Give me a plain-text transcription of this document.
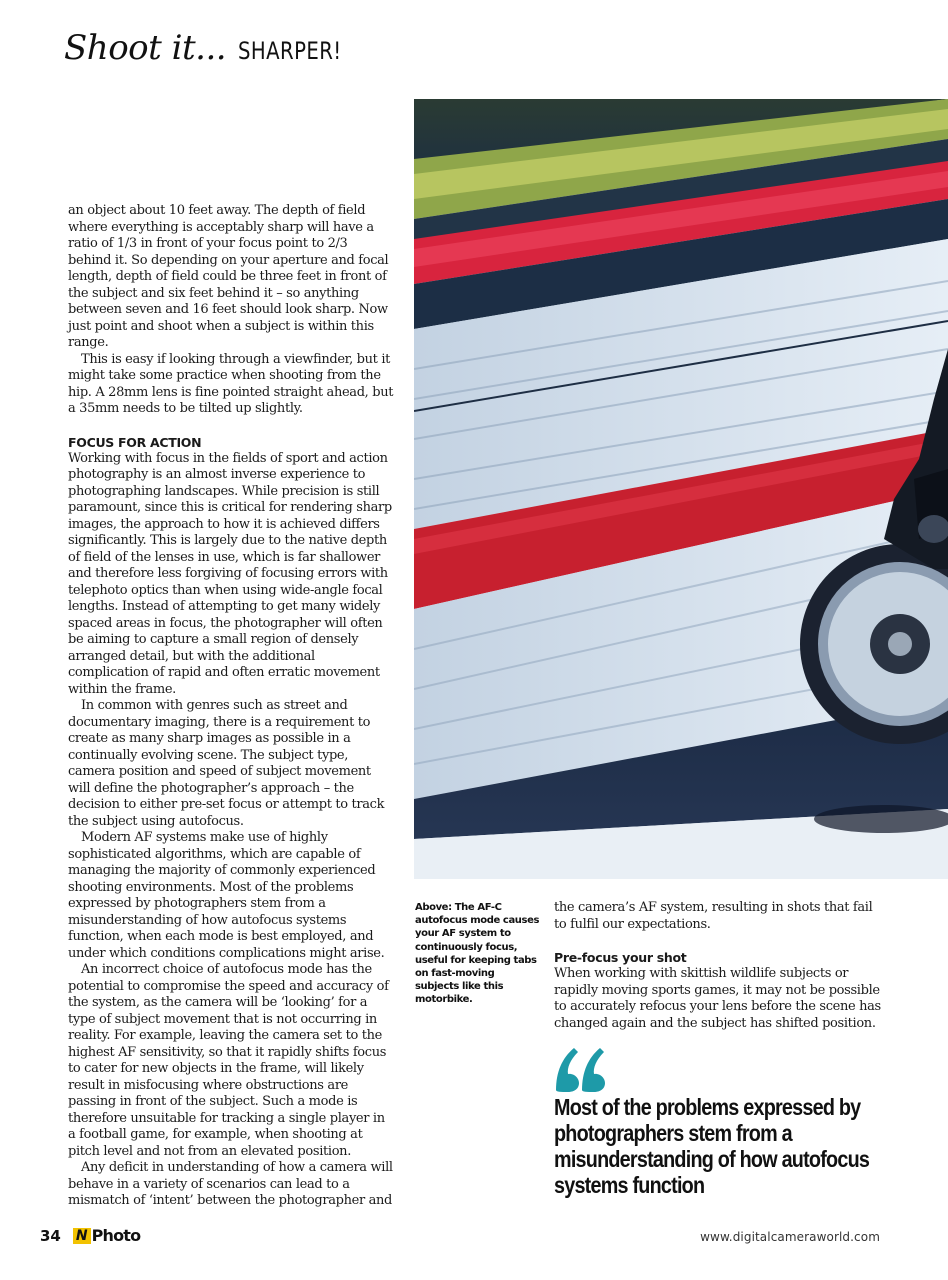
Shoot it... SHARPER!

an object about 10 feet away. The depth of field where everything is acceptably sharp will have a ratio of 1/3 in front of your focus point to 2/3 behind it. So depending on your aperture and focal length, depth of field could be three feet in front of the subject and six feet behind it – so anything between seven and 16 feet should look sharp. Now just point and shoot when a subject is within this range.

This is easy if looking through a viewfinder, but it might take some practice when shooting from the hip. A 28mm lens is fine pointed straight ahead, but a 35mm needs to be tilted up slightly.

FOCUS FOR ACTION

Working with focus in the fields of sport and action photography is an almost inverse experience to photographing landscapes. While precision is still paramount, since this is critical for rendering sharp images, the approach to how it is achieved differs significantly. This is largely due to the native depth of field of the lenses in use, which is far shallower and therefore less forgiving of focusing errors with telephoto optics than when using wide-angle focal lengths. Instead of attempting to get many widely spaced areas in focus, the photographer will often be aiming to capture a small region of densely arranged detail, but with the additional complication of rapid and often erratic movement within the frame.

In common with genres such as street and documentary imaging, there is a requirement to create as many sharp images as possible in a continually evolving scene. The subject type, camera position and speed of subject movement will define the photographer’s approach – the decision to either pre-set focus or attempt to track the subject using autofocus.

Modern AF systems make use of highly sophisticated algorithms, which are capable of managing the majority of commonly experienced shooting environments. Most of the problems expressed by photographers stem from a misunderstanding of how autofocus systems function, when each mode is best employed, and under which conditions complications might arise.

An incorrect choice of autofocus mode has the potential to compromise the speed and accuracy of the system, as the camera will be ‘looking’ for a type of subject movement that is not occurring in reality. For example, leaving the camera set to the highest AF sensitivity, so that it rapidly shifts focus to cater for new objects in the frame, will likely result in misfocusing where obstructions are passing in front of the subject. Such a mode is therefore unsuitable for tracking a single player in a football game, for example, when shooting at pitch level and not from an elevated position.

Any deficit in understanding of how a camera will behave in a variety of scenarios can lead to a mismatch of ‘intent’ between the photographer and

Above: The AF-C autofocus mode causes your AF system to continuously focus, useful for keeping tabs on fast-moving subjects like this motorbike.

the camera’s AF system, resulting in shots that fail to fulfil our expectations.

Pre-focus your shot

When working with skittish wildlife subjects or rapidly moving sports games, it may not be possible to accurately refocus your lens before the scene has changed again and the subject has shifted position.

Most of the problems expressed by photographers stem from a misunderstanding of how autofocus systems function
34 N Photo	www.digitalcameraworld.com
